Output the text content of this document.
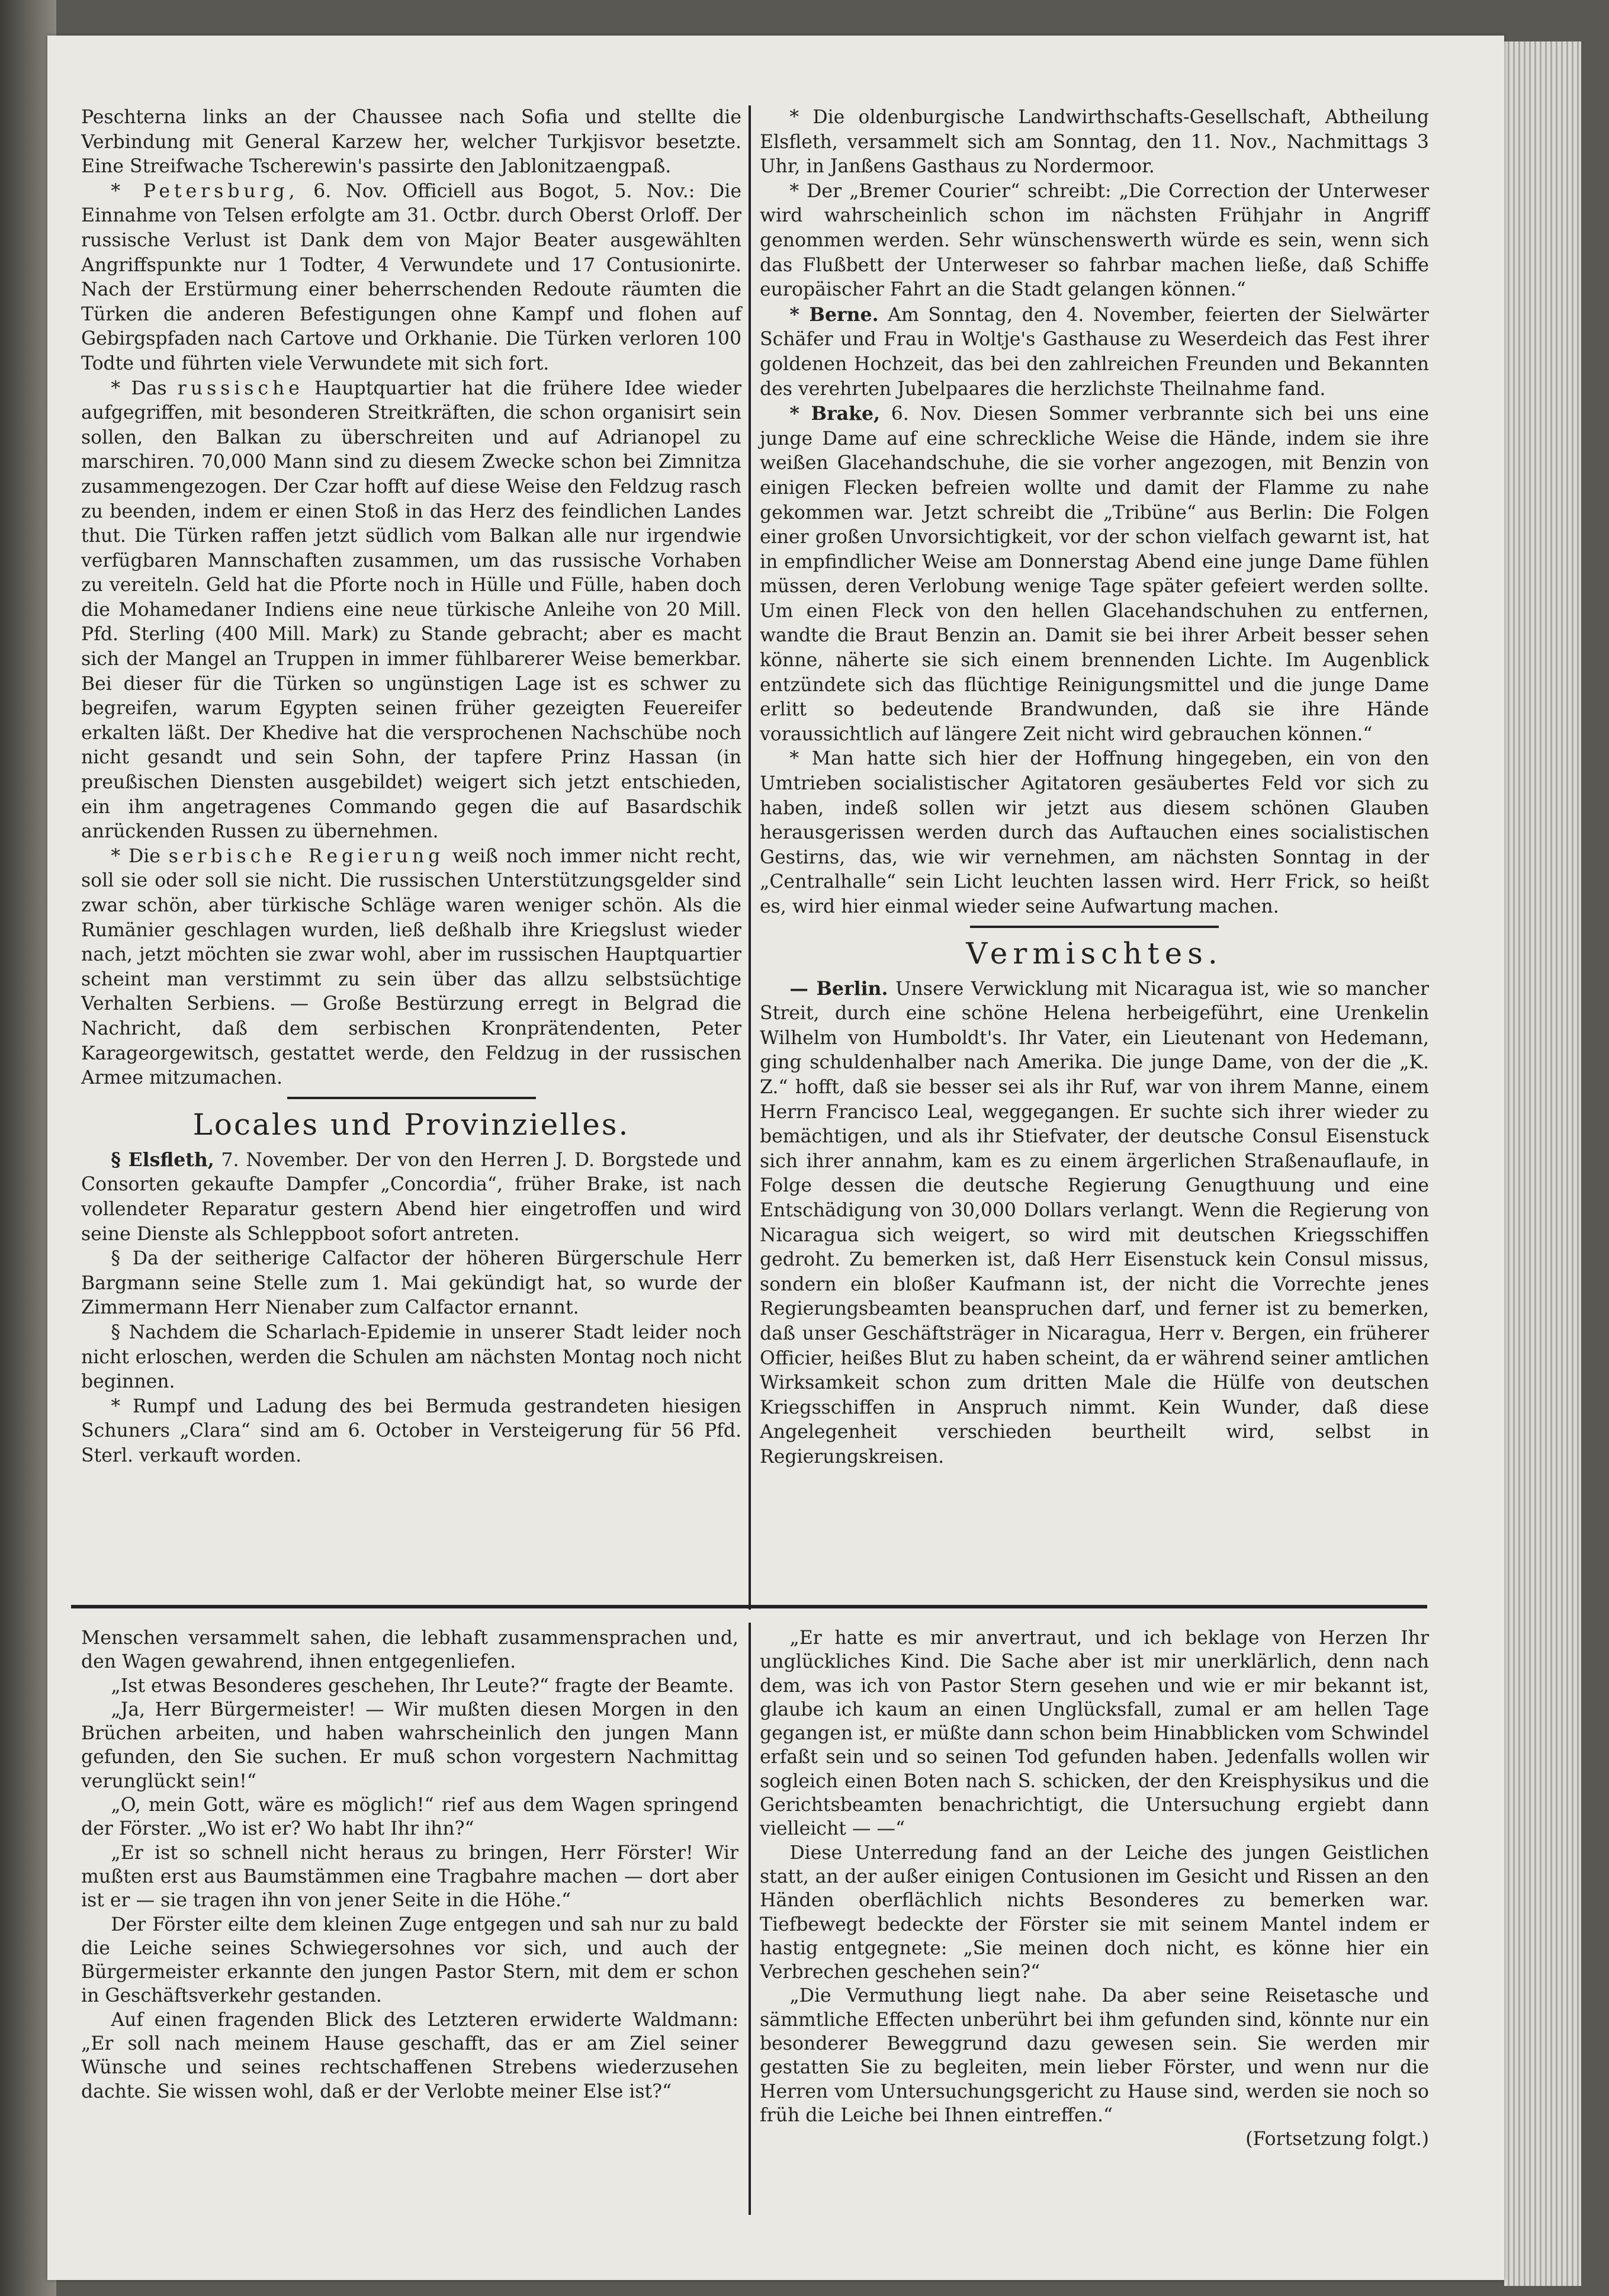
Peschterna links an der Chaussee nach Sofia und stellte die Verbindung mit General Karzew her, welcher Turkjisvor besetzte. Eine Streifwache Tscherewin's passirte den Jablonitzaengpaß.

* Petersburg, 6. Nov. Officiell aus Bogot, 5. Nov.: Die Einnahme von Telsen erfolgte am 31. Octbr. durch Oberst Orloff. Der russische Verlust ist Dank dem von Major Beater ausgewählten Angriffspunkte nur 1 Todter, 4 Verwundete und 17 Contusionirte. Nach der Erstürmung einer beherrschenden Redoute räumten die Türken die anderen Befestigungen ohne Kampf und flohen auf Gebirgspfaden nach Cartove und Orkhanie. Die Türken verloren 100 Todte und führten viele Verwundete mit sich fort.

* Das russische Hauptquartier hat die frühere Idee wieder aufgegriffen, mit besonderen Streitkräften, die schon organisirt sein sollen, den Balkan zu überschreiten und auf Adrianopel zu marschiren. 70,000 Mann sind zu diesem Zwecke schon bei Zimnitza zusammengezogen. Der Czar hofft auf diese Weise den Feldzug rasch zu beenden, indem er einen Stoß in das Herz des feindlichen Landes thut. Die Türken raffen jetzt südlich vom Balkan alle nur irgendwie verfügbaren Mannschaften zusammen, um das russische Vorhaben zu vereiteln. Geld hat die Pforte noch in Hülle und Fülle, haben doch die Mohamedaner Indiens eine neue türkische Anleihe von 20 Mill. Pfd. Sterling (400 Mill. Mark) zu Stande gebracht; aber es macht sich der Mangel an Truppen in immer fühlbarerer Weise bemerkbar. Bei dieser für die Türken so ungünstigen Lage ist es schwer zu begreifen, warum Egypten seinen früher gezeigten Feuereifer erkalten läßt. Der Khedive hat die versprochenen Nachschübe noch nicht gesandt und sein Sohn, der tapfere Prinz Hassan (in preußischen Diensten ausgebildet) weigert sich jetzt entschieden, ein ihm angetragenes Commando gegen die auf Basardschik anrückenden Russen zu übernehmen.

* Die serbische Regierung weiß noch immer nicht recht, soll sie oder soll sie nicht. Die russischen Unterstützungsgelder sind zwar schön, aber türkische Schläge waren weniger schön. Als die Rumänier geschlagen wurden, ließ deßhalb ihre Kriegslust wieder nach, jetzt möchten sie zwar wohl, aber im russischen Hauptquartier scheint man verstimmt zu sein über das allzu selbstsüchtige Verhalten Serbiens. — Große Bestürzung erregt in Belgrad die Nachricht, daß dem serbischen Kronprätendenten, Peter Karageorgewitsch, gestattet werde, den Feldzug in der russischen Armee mitzumachen.

Locales und Provinzielles.

§ Elsfleth, 7. November. Der von den Herren J. D. Borgstede und Consorten gekaufte Dampfer „Concordia“, früher Brake, ist nach vollendeter Reparatur gestern Abend hier eingetroffen und wird seine Dienste als Schleppboot sofort antreten.

§ Da der seitherige Calfactor der höheren Bürgerschule Herr Bargmann seine Stelle zum 1. Mai gekündigt hat, so wurde der Zimmermann Herr Nienaber zum Calfactor ernannt.

§ Nachdem die Scharlach-Epidemie in unserer Stadt leider noch nicht erloschen, werden die Schulen am nächsten Montag noch nicht beginnen.

* Rumpf und Ladung des bei Bermuda gestrandeten hiesigen Schuners „Clara“ sind am 6. October in Versteigerung für 56 Pfd. Sterl. verkauft worden.

* Die oldenburgische Landwirthschafts-Gesellschaft, Abtheilung Elsfleth, versammelt sich am Sonntag, den 11. Nov., Nachmittags 3 Uhr, in Janßens Gasthaus zu Nordermoor.

* Der „Bremer Courier“ schreibt: „Die Correction der Unterweser wird wahrscheinlich schon im nächsten Frühjahr in Angriff genommen werden. Sehr wünschenswerth würde es sein, wenn sich das Flußbett der Unterweser so fahrbar machen ließe, daß Schiffe europäischer Fahrt an die Stadt gelangen können.“

* Berne. Am Sonntag, den 4. November, feierten der Sielwärter Schäfer und Frau in Woltje's Gasthause zu Weserdeich das Fest ihrer goldenen Hochzeit, das bei den zahlreichen Freunden und Bekannten des verehrten Jubelpaares die herzlichste Theilnahme fand.

* Brake, 6. Nov. Diesen Sommer verbrannte sich bei uns eine junge Dame auf eine schreckliche Weise die Hände, indem sie ihre weißen Glacehandschuhe, die sie vorher angezogen, mit Benzin von einigen Flecken befreien wollte und damit der Flamme zu nahe gekommen war. Jetzt schreibt die „Tribüne“ aus Berlin: Die Folgen einer großen Unvorsichtigkeit, vor der schon vielfach gewarnt ist, hat in empfindlicher Weise am Donnerstag Abend eine junge Dame fühlen müssen, deren Verlobung wenige Tage später gefeiert werden sollte. Um einen Fleck von den hellen Glacehandschuhen zu entfernen, wandte die Braut Benzin an. Damit sie bei ihrer Arbeit besser sehen könne, näherte sie sich einem brennenden Lichte. Im Augenblick entzündete sich das flüchtige Reinigungsmittel und die junge Dame erlitt so bedeutende Brandwunden, daß sie ihre Hände voraussichtlich auf längere Zeit nicht wird gebrauchen können.“

* Man hatte sich hier der Hoffnung hingegeben, ein von den Umtrieben socialistischer Agitatoren gesäubertes Feld vor sich zu haben, indeß sollen wir jetzt aus diesem schönen Glauben herausgerissen werden durch das Auftauchen eines socialistischen Gestirns, das, wie wir vernehmen, am nächsten Sonntag in der „Centralhalle“ sein Licht leuchten lassen wird. Herr Frick, so heißt es, wird hier einmal wieder seine Aufwartung machen.

Vermischtes.

— Berlin. Unsere Verwicklung mit Nicaragua ist, wie so mancher Streit, durch eine schöne Helena herbeigeführt, eine Urenkelin Wilhelm von Humboldt's. Ihr Vater, ein Lieutenant von Hedemann, ging schuldenhalber nach Amerika. Die junge Dame, von der die „K. Z.“ hofft, daß sie besser sei als ihr Ruf, war von ihrem Manne, einem Herrn Francisco Leal, weggegangen. Er suchte sich ihrer wieder zu bemächtigen, und als ihr Stiefvater, der deutsche Consul Eisenstuck sich ihrer annahm, kam es zu einem ärgerlichen Straßenauflaufe, in Folge dessen die deutsche Regierung Genugthuung und eine Entschädigung von 30,000 Dollars verlangt. Wenn die Regierung von Nicaragua sich weigert, so wird mit deutschen Kriegsschiffen gedroht. Zu bemerken ist, daß Herr Eisenstuck kein Consul missus, sondern ein bloßer Kaufmann ist, der nicht die Vorrechte jenes Regierungsbeamten beanspruchen darf, und ferner ist zu bemerken, daß unser Geschäftsträger in Nicaragua, Herr v. Bergen, ein früherer Officier, heißes Blut zu haben scheint, da er während seiner amtlichen Wirksamkeit schon zum dritten Male die Hülfe von deutschen Kriegsschiffen in Anspruch nimmt. Kein Wunder, daß diese Angelegenheit verschieden beurtheilt wird, selbst in Regierungskreisen.

Menschen versammelt sahen, die lebhaft zusammensprachen und, den Wagen gewahrend, ihnen entgegenliefen.

„Ist etwas Besonderes geschehen, Ihr Leute?“ fragte der Beamte.

„Ja, Herr Bürgermeister! — Wir mußten diesen Morgen in den Brüchen arbeiten, und haben wahrscheinlich den jungen Mann gefunden, den Sie suchen. Er muß schon vorgestern Nachmittag verunglückt sein!“

„O, mein Gott, wäre es möglich!“ rief aus dem Wagen springend der Förster. „Wo ist er? Wo habt Ihr ihn?“

„Er ist so schnell nicht heraus zu bringen, Herr Förster! Wir mußten erst aus Baumstämmen eine Tragbahre machen — dort aber ist er — sie tragen ihn von jener Seite in die Höhe.“

Der Förster eilte dem kleinen Zuge entgegen und sah nur zu bald die Leiche seines Schwiegersohnes vor sich, und auch der Bürgermeister erkannte den jungen Pastor Stern, mit dem er schon in Geschäftsverkehr gestanden.

Auf einen fragenden Blick des Letzteren erwiderte Waldmann: „Er soll nach meinem Hause geschafft, das er am Ziel seiner Wünsche und seines rechtschaffenen Strebens wiederzusehen dachte. Sie wissen wohl, daß er der Verlobte meiner Else ist?“

„Er hatte es mir anvertraut, und ich beklage von Herzen Ihr unglückliches Kind. Die Sache aber ist mir unerklärlich, denn nach dem, was ich von Pastor Stern gesehen und wie er mir bekannt ist, glaube ich kaum an einen Unglücksfall, zumal er am hellen Tage gegangen ist, er müßte dann schon beim Hinabblicken vom Schwindel erfaßt sein und so seinen Tod gefunden haben. Jedenfalls wollen wir sogleich einen Boten nach S. schicken, der den Kreisphysikus und die Gerichtsbeamten benachrichtigt, die Untersuchung ergiebt dann vielleicht — —“

Diese Unterredung fand an der Leiche des jungen Geistlichen statt, an der außer einigen Contusionen im Gesicht und Rissen an den Händen oberflächlich nichts Besonderes zu bemerken war. Tiefbewegt bedeckte der Förster sie mit seinem Mantel indem er hastig entgegnete: „Sie meinen doch nicht, es könne hier ein Verbrechen geschehen sein?“

„Die Vermuthung liegt nahe. Da aber seine Reisetasche und sämmtliche Effecten unberührt bei ihm gefunden sind, könnte nur ein besonderer Beweggrund dazu gewesen sein. Sie werden mir gestatten Sie zu begleiten, mein lieber Förster, und wenn nur die Herren vom Untersuchungsgericht zu Hause sind, werden sie noch so früh die Leiche bei Ihnen eintreffen.“

(Fortsetzung folgt.)
